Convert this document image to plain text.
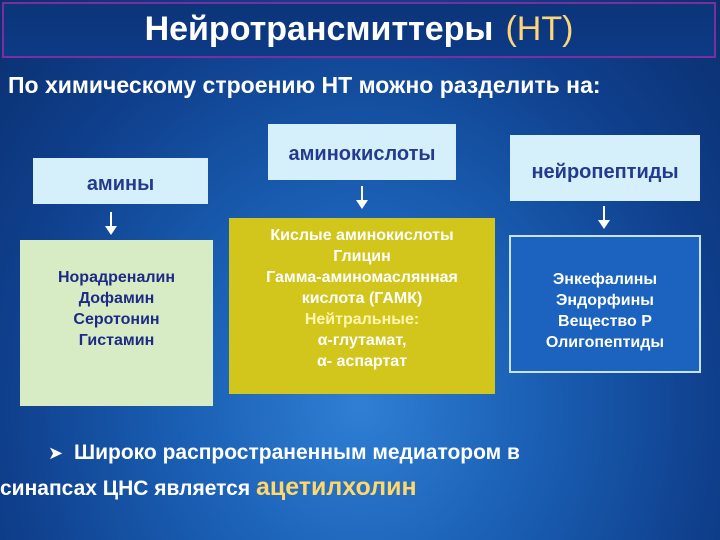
Нейротрансмиттеры (НТ)
По химическому строению НТ можно разделить на:
амины
аминокислоты
нейропептиды
Норадреналин
Дофамин
Серотонин
Гистамин
Кислые аминокислоты
Глицин
Гамма-аминомасляннaя
кислота (ГАМК)
Нейтральные:
α-глутамат,
α- аспартат
Энкефалины
Эндорфины
Вещество Р
Олигопептиды
➤ Широко распространенным медиатором в
синапсах ЦНС является ацетилхолин
